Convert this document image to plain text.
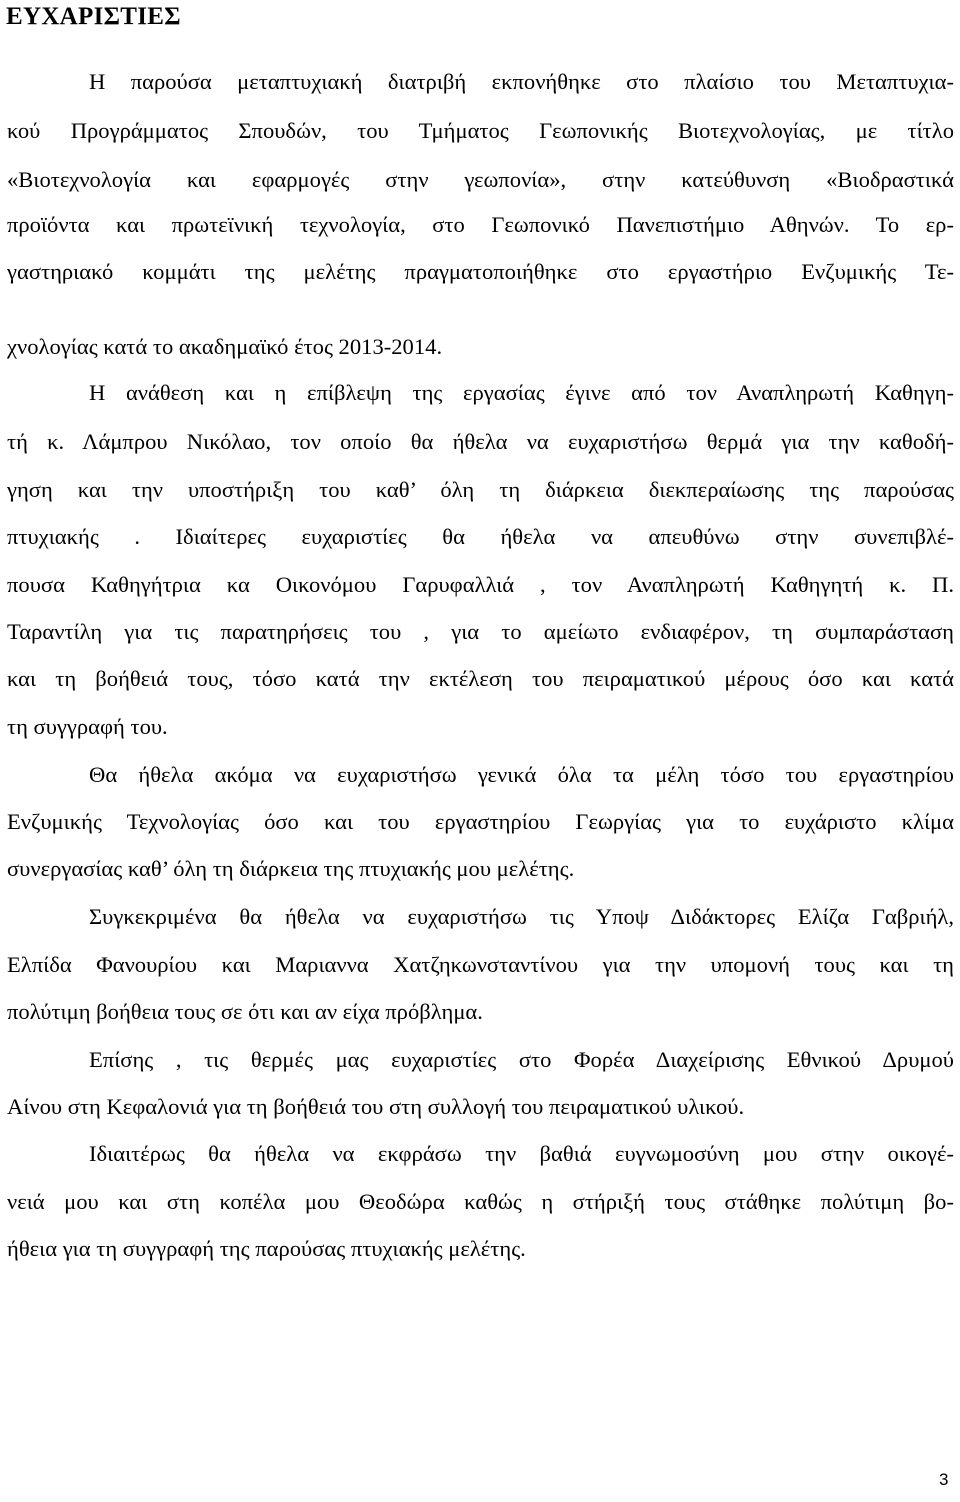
ΕΥΧΑΡΙΣΤΙΕΣ
Η παρούσα μεταπτυχιακή διατριβή εκπονήθηκε στο πλαίσιο του Μεταπτυχια-
κού Προγράμματος Σπουδών, του Τμήματος Γεωπονικής Βιοτεχνολογίας, με τίτλο
«Βιοτεχνολογία και εφαρμογές στην γεωπονία», στην κατεύθυνση «Βιοδραστικά
προϊόντα και πρωτεϊνική τεχνολογία, στο Γεωπονικό Πανεπιστήμιο Αθηνών. Το ερ-
γαστηριακό κομμάτι της μελέτης πραγματοποιήθηκε στο εργαστήριο Ενζυμικής Τε-
χνολογίας κατά το ακαδημαϊκό έτος 2013-2014.
Η ανάθεση και η επίβλεψη της εργασίας έγινε από τον Αναπληρωτή Καθηγη-
τή κ. Λάμπρου Νικόλαο, τον οποίο θα ήθελα να ευχαριστήσω θερμά για την καθοδή-
γηση και την υποστήριξη του καθ’ όλη τη διάρκεια διεκπεραίωσης της παρούσας
πτυχιακής . Ιδιαίτερες ευχαριστίες θα ήθελα να απευθύνω στην συνεπιβλέ-
πουσα Καθηγήτρια κα Οικονόμου Γαρυφαλλιά , τον Αναπληρωτή Καθηγητή κ. Π.
Ταραντίλη για τις παρατηρήσεις του , για το αμείωτο ενδιαφέρον, τη συμπαράσταση
και τη βοήθειά τους, τόσο κατά την εκτέλεση του πειραματικού μέρους όσο και κατά
τη συγγραφή του.
Θα ήθελα ακόμα να ευχαριστήσω γενικά όλα τα μέλη τόσο του εργαστηρίου
Ενζυμικής Τεχνολογίας όσο και του εργαστηρίου Γεωργίας για το ευχάριστο κλίμα
συνεργασίας καθ’ όλη τη διάρκεια της πτυχιακής μου μελέτης.
Συγκεκριμένα θα ήθελα να ευχαριστήσω τις Υποψ Διδάκτορες Ελίζα Γαβριήλ,
Ελπίδα Φανουρίου και Μαριαννα Χατζηκωνσταντίνου για την υπομονή τους και τη
πολύτιμη βοήθεια τους σε ότι και αν είχα πρόβλημα.
Επίσης , τις θερμές μας ευχαριστίες στο Φορέα Διαχείρισης Εθνικού Δρυμού
Αίνου στη Κεφαλονιά για τη βοήθειά του στη συλλογή του πειραματικού υλικού.
Ιδιαιτέρως θα ήθελα να εκφράσω την βαθιά ευγνωμοσύνη μου στην οικογέ-
νειά μου και στη κοπέλα μου Θεοδώρα καθώς η στήριξή τους στάθηκε πολύτιμη βο-
ήθεια για τη συγγραφή της παρούσας πτυχιακής μελέτης.
3
